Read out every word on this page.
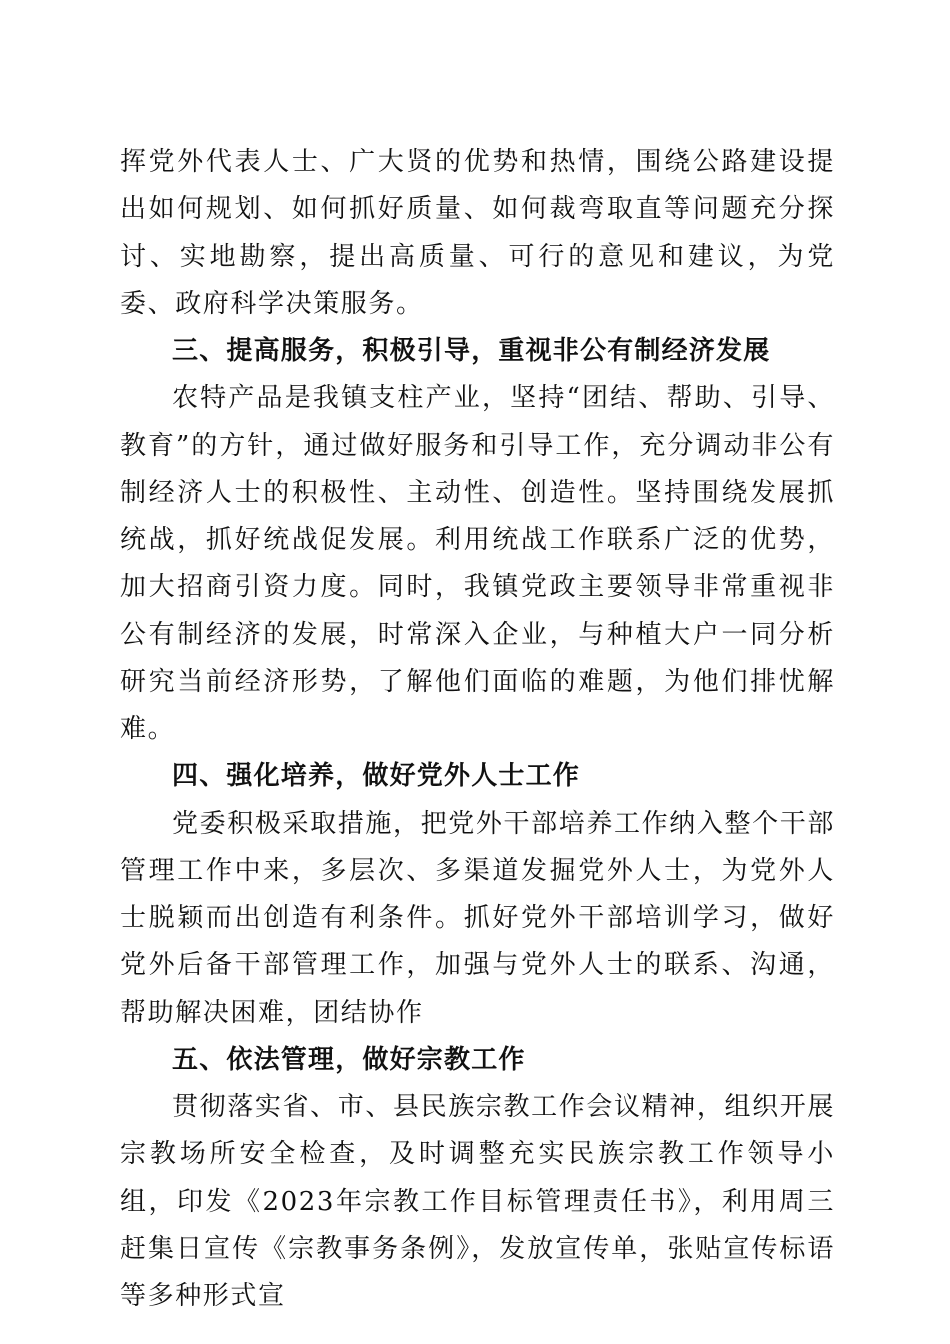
挥党外代表人士、广大贤的优势和热情，围绕公路建设提出如何规划、如何抓好质量、如何裁弯取直等问题充分探讨、实地勘察，提出高质量、可行的意见和建议，为党委、政府科学决策服务。

三、提高服务，积极引导，重视非公有制经济发展

农特产品是我镇支柱产业，坚持“团结、帮助、引导、教育”的方针，通过做好服务和引导工作，充分调动非公有制经济人士的积极性、主动性、创造性。坚持围绕发展抓统战，抓好统战促发展。利用统战工作联系广泛的优势，加大招商引资力度。同时，我镇党政主要领导非常重视非公有制经济的发展，时常深入企业，与种植大户一同分析研究当前经济形势，了解他们面临的难题，为他们排忧解难。

四、强化培养，做好党外人士工作

党委积极采取措施，把党外干部培养工作纳入整个干部管理工作中来，多层次、多渠道发掘党外人士，为党外人士脱颖而出创造有利条件。抓好党外干部培训学习，做好党外后备干部管理工作，加强与党外人士的联系、沟通，帮助解决困难，团结协作

五、依法管理，做好宗教工作

贯彻落实省、市、县民族宗教工作会议精神，组织开展宗教场所安全检查，及时调整充实民族宗教工作领导小组，印发《2023年宗教工作目标管理责任书》，利用周三赶集日宣传《宗教事务条例》，发放宣传单，张贴宣传标语等多种形式宣
